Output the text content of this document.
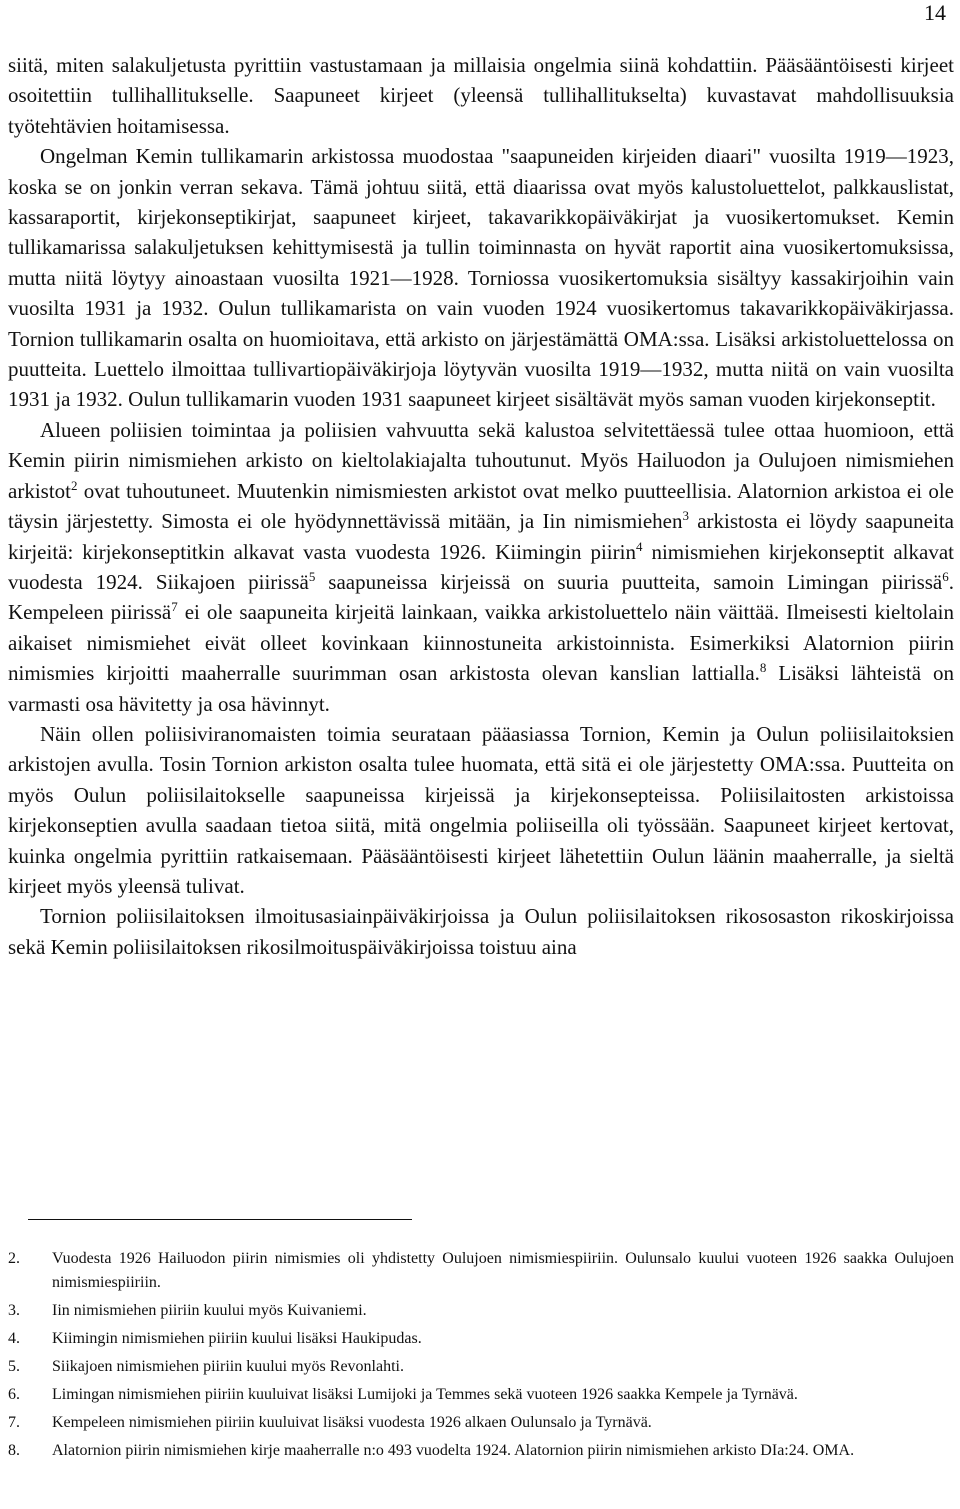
14

siitä, miten salakuljetusta pyrittiin vastustamaan ja millaisia ongelmia siinä kohdattiin. Pääsääntöisesti kirjeet osoitettiin tullihallitukselle. Saapuneet kirjeet (yleensä tullihallitukselta) kuvastavat mahdollisuuksia työtehtävien hoitamisessa.

Ongelman Kemin tullikamarin arkistossa muodostaa "saapuneiden kirjeiden diaari" vuosilta 1919—1923, koska se on jonkin verran sekava. Tämä johtuu siitä, että diaarissa ovat myös kalustoluettelot, palkkauslistat, kassaraportit, kirjekonseptikirjat, saapuneet kirjeet, takavarikkopäiväkirjat ja vuosikertomukset. Kemin tullikamarissa salakuljetuksen kehittymisestä ja tullin toiminnasta on hyvät raportit aina vuosikertomuksissa, mutta niitä löytyy ainoastaan vuosilta 1921—1928. Torniossa vuosikertomuksia sisältyy kassakirjoihin vain vuosilta 1931 ja 1932. Oulun tullikamarista on vain vuoden 1924 vuosikertomus takavarikkopäiväkirjassa. Tornion tullikamarin osalta on huomioitava, että arkisto on järjestämättä OMA:ssa. Lisäksi arkistoluettelossa on puutteita. Luettelo ilmoittaa tullivartiopäiväkirjoja löytyvän vuosilta 1919—1932, mutta niitä on vain vuosilta 1931 ja 1932. Oulun tullikamarin vuoden 1931 saapuneet kirjeet sisältävät myös saman vuoden kirjekonseptit.

Alueen poliisien toimintaa ja poliisien vahvuutta sekä kalustoa selvitettäessä tulee ottaa huomioon, että Kemin piirin nimismiehen arkisto on kieltolakiajalta tuhoutunut. Myös Hailuodon ja Oulujoen nimismiehen arkistot$^2$ ovat tuhoutuneet. Muutenkin nimismiesten arkistot ovat melko puutteellisia. Alatornion arkistoa ei ole täysin järjestetty. Simosta ei ole hyödynnettävissä mitään, ja Iin nimismiehen$^3$ arkistosta ei löydy saapuneita kirjeitä: kirjekonseptitkin alkavat vasta vuodesta 1926. Kiimingin piirin$^4$ nimismiehen kirjekonseptit alkavat vuodesta 1924. Siikajoen piirissä$^5$ saapuneissa kirjeissä on suuria puutteita, samoin Limingan piirissä$^6$. Kempeleen piirissä$^7$ ei ole saapuneita kirjeitä lainkaan, vaikka arkistoluettelo näin väittää. Ilmeisesti kieltolain aikaiset nimismiehet eivät olleet kovinkaan kiinnostuneita arkistoinnista. Esimerkiksi Alatornion piirin nimismies kirjoitti maaherralle suurimman osan arkistosta olevan kanslian lattialla.$^8$ Lisäksi lähteistä on varmasti osa hävitetty ja osa hävinnyt.

Näin ollen poliisiviranomaisten toimia seurataan pääasiassa Tornion, Kemin ja Oulun poliisilaitoksien arkistojen avulla. Tosin Tornion arkiston osalta tulee huomata, että sitä ei ole järjestetty OMA:ssa. Puutteita on myös Oulun poliisilaitokselle saapuneissa kirjeissä ja kirjekonsepteissa. Poliisilaitosten arkistoissa kirjekonseptien avulla saadaan tietoa siitä, mitä ongelmia poliiseilla oli työssään. Saapuneet kirjeet kertovat, kuinka ongelmia pyrittiin ratkaisemaan. Pääsääntöisesti kirjeet lähetettiin Oulun läänin maaherralle, ja sieltä kirjeet myös yleensä tulivat.

Tornion poliisilaitoksen ilmoitusasiainpäiväkirjoissa ja Oulun poliisilaitoksen rikososaston rikoskirjoissa sekä Kemin poliisilaitoksen rikosilmoituspäiväkirjoissa toistuu aina

2.	Vuodesta 1926 Hailuodon piirin nimismies oli yhdistetty Oulujoen nimismiespiiriin. Oulunsalo kuului vuoteen 1926 saakka Oulujoen nimismiespiiriin.
3.	Iin nimismiehen piiriin kuului myös Kuivaniemi.
4.	Kiimingin nimismiehen piiriin kuului lisäksi Haukipudas.
5.	Siikajoen nimismiehen piiriin kuului myös Revonlahti.
6.	Limingan nimismiehen piiriin kuuluivat lisäksi Lumijoki ja Temmes sekä vuoteen 1926 saakka Kempele ja Tyrnävä.
7.	Kempeleen nimismiehen piiriin kuuluivat lisäksi vuodesta 1926 alkaen Oulunsalo ja Tyrnävä.
8.	Alatornion piirin nimismiehen kirje maaherralle n:o 493 vuodelta 1924. Alatornion piirin nimismiehen arkisto DIa:24. OMA.
